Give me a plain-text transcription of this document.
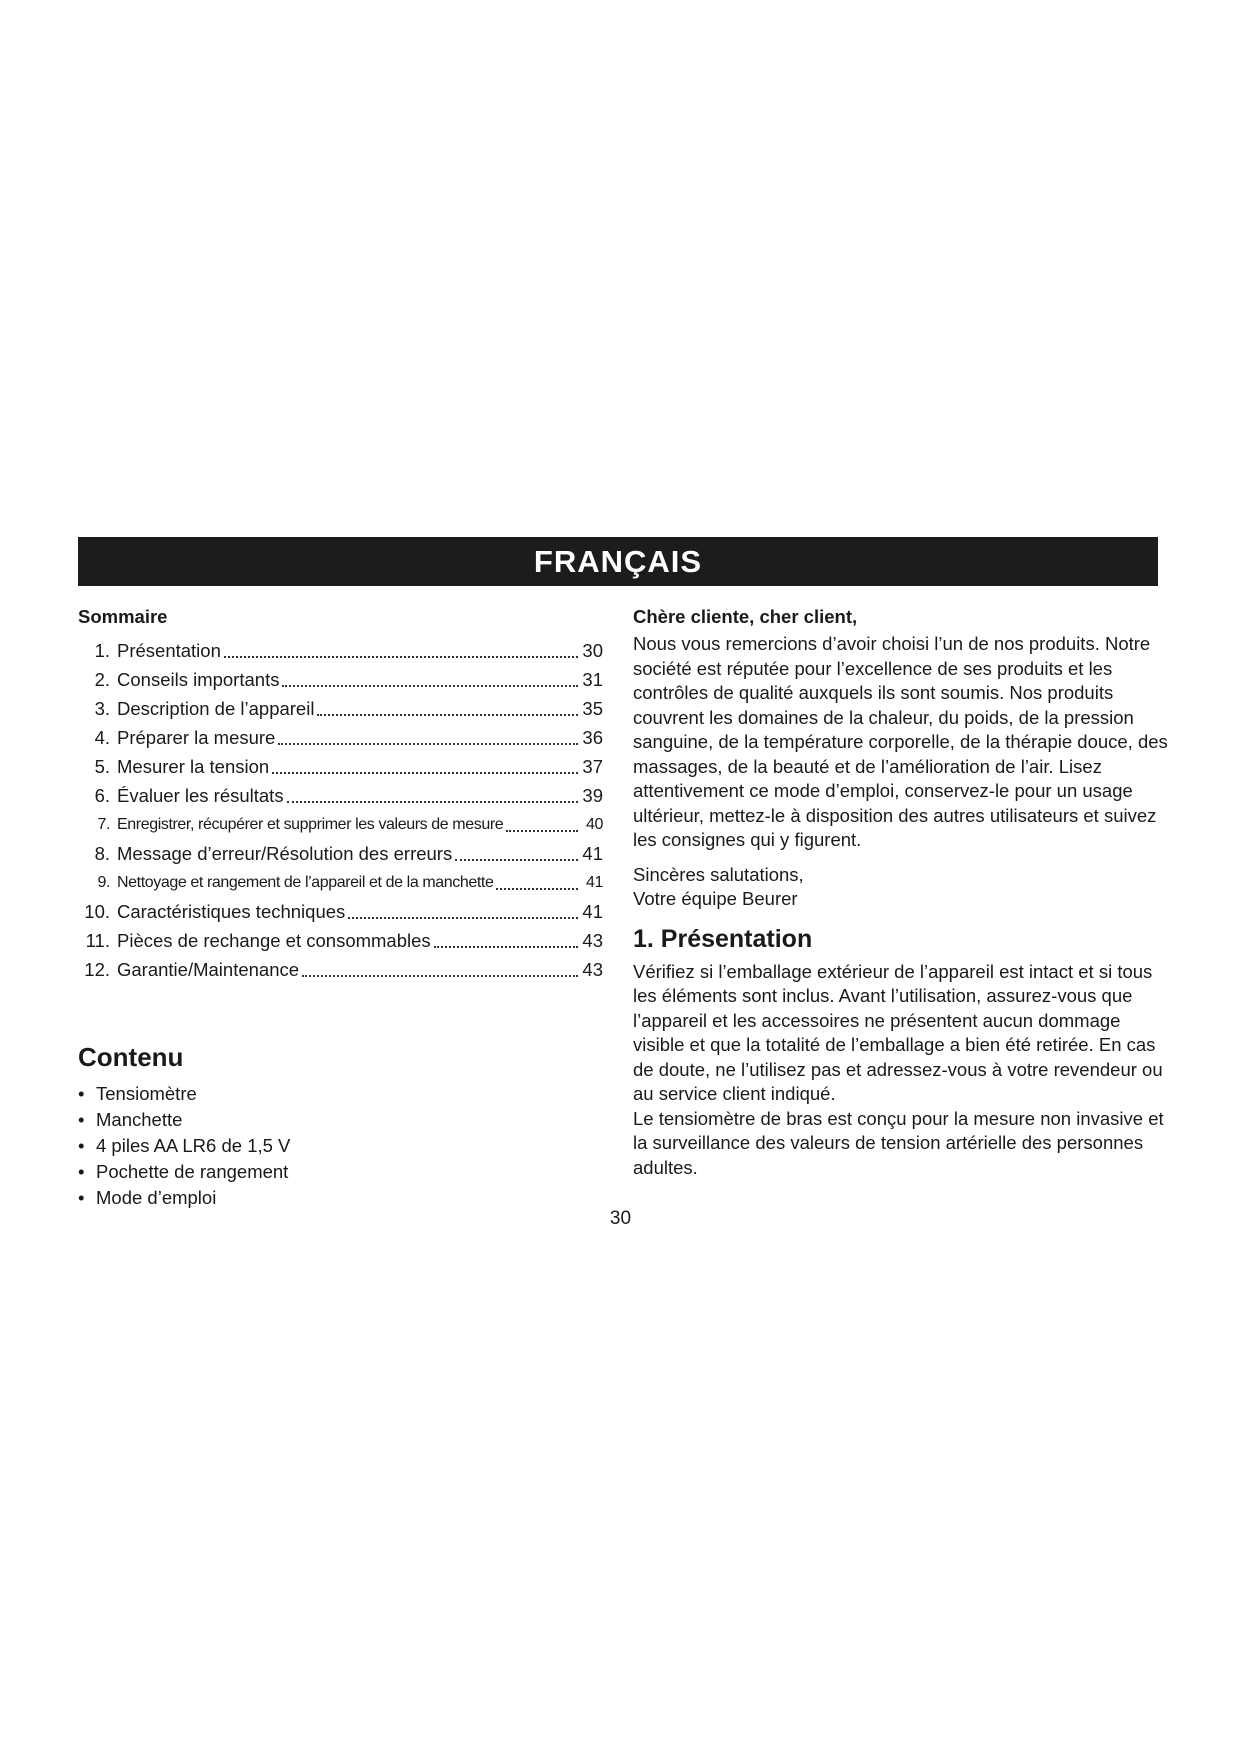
FRANÇAIS
Sommaire
1. Présentation	30
2. Conseils importants	31
3. Description de l’appareil	35
4. Préparer la mesure	36
5. Mesurer la tension	37
6. Évaluer les résultats	39
7. Enregistrer, récupérer et supprimer les valeurs de mesure	40
8. Message d’erreur/Résolution des erreurs	41
9. Nettoyage et rangement de l’appareil et de la manchette	41
10. Caractéristiques techniques	41
11. Pièces de rechange et consommables	43
12. Garantie/Maintenance	43
Contenu
• Tensiomètre
• Manchette
• 4 piles AA LR6 de 1,5 V
• Pochette de rangement
• Mode d’emploi
Chère cliente, cher client,

Nous vous remercions d’avoir choisi l’un de nos produits. Notre société est réputée pour l’excellence de ses produits et les contrôles de qualité auxquels ils sont soumis. Nos produits couvrent les domaines de la chaleur, du poids, de la pression sanguine, de la température corporelle, de la thérapie douce, des massages, de la beauté et de l’amélioration de l’air. Lisez attentivement ce mode d’emploi, conservez-le pour un usage ultérieur, mettez-le à disposition des autres utilisateurs et suivez les consignes qui y figurent.

Sincères salutations,

Votre équipe Beurer

1. Présentation

Vérifiez si l’emballage extérieur de l’appareil est intact et si tous les éléments sont inclus. Avant l’utilisation, assurez-vous que l’appareil et les accessoires ne présentent aucun dommage visible et que la totalité de l’emballage a bien été retirée. En cas de doute, ne l’utilisez pas et adressez-vous à votre revendeur ou au service client indiqué.

Le tensiomètre de bras est conçu pour la mesure non invasive et la surveillance des valeurs de tension artérielle des personnes adultes.

30
